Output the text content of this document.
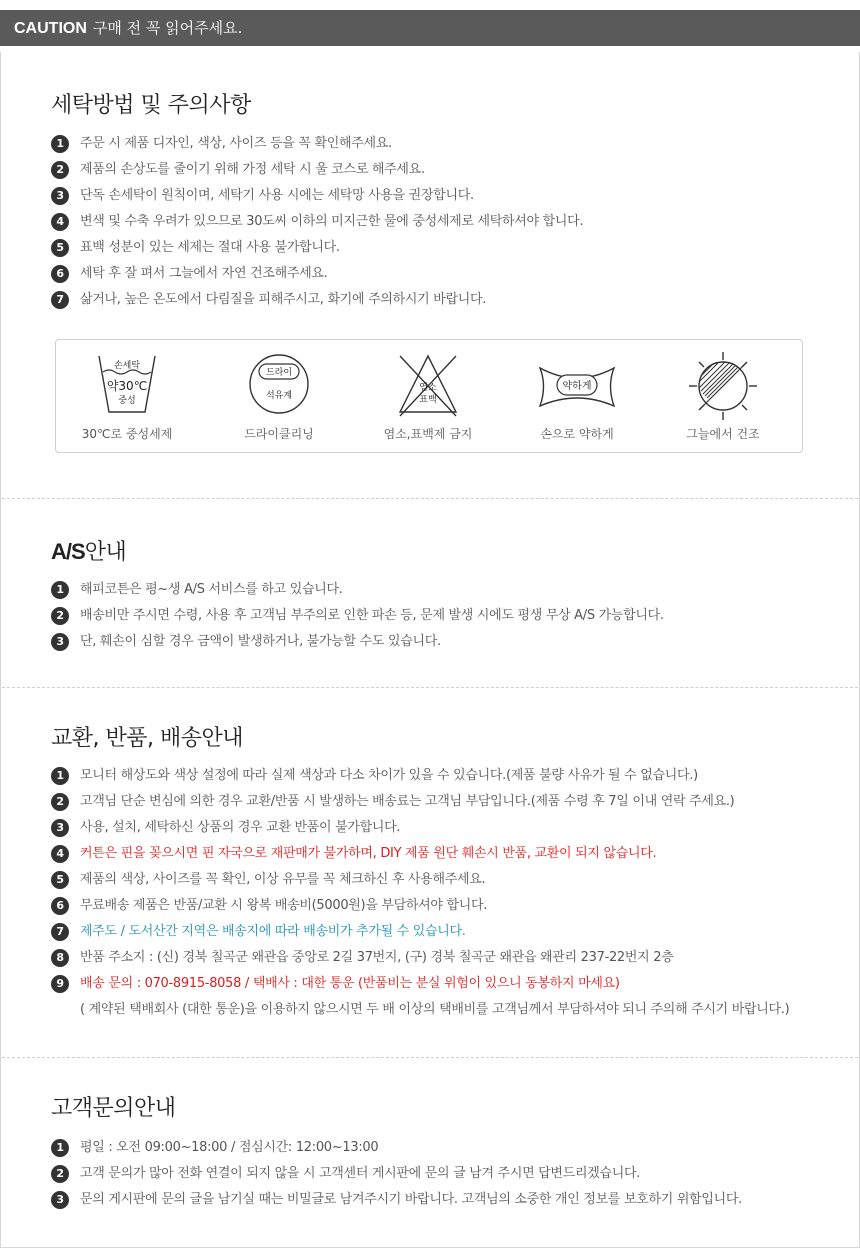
CAUTION 구매 전 꼭 읽어주세요.
세탁방법 및 주의사항
1	주문 시 제품 디자인, 색상, 사이즈 등을 꼭 확인해주세요.
2	제품의 손상도를 줄이기 위해 가정 세탁 시 울 코스로 해주세요.
3	단독 손세탁이 원칙이며, 세탁기 사용 시에는 세탁망 사용을 권장합니다.
4	변색 및 수축 우려가 있으므로 30도씨 이하의 미지근한 물에 중성세제로 세탁하셔야 합니다.
5	표백 성분이 있는 세제는 절대 사용 불가합니다.
6	세탁 후 잘 펴서 그늘에서 자연 건조해주세요.
7	삶거나, 높은 온도에서 다림질을 피해주시고, 화기에 주의하시기 바랍니다.
손세탁
약30℃
중성
30℃로 중성세제
드라이
석유계
드라이클리닝
염소
표백
염소,표백제 금지
약하게
손으로 약하게	그늘에서 건조
A/S안내
1	해피코튼은 평~생 A/S 서비스를 하고 있습니다.
2	배송비만 주시면 수령, 사용 후 고객님 부주의로 인한 파손 등, 문제 발생 시에도 평생 무상 A/S 가능합니다.
3	단, 훼손이 심할 경우 금액이 발생하거나, 불가능할 수도 있습니다.
교환, 반품, 배송안내
1	모니터 해상도와 색상 설정에 따라 실제 색상과 다소 차이가 있을 수 있습니다.(제품 불량 사유가 될 수 없습니다.)
2	고객님 단순 변심에 의한 경우 교환/반품 시 발생하는 배송료는 고객님 부담입니다.(제품 수령 후 7일 이내 연락 주세요.)
3	사용, 설치, 세탁하신 상품의 경우 교환 반품이 불가합니다.
4	커튼은 핀을 꽂으시면 핀 자국으로 재판매가 불가하며, DIY 제품 원단 훼손시 반품, 교환이 되지 않습니다.
5	제품의 색상, 사이즈를 꼭 확인, 이상 유무를 꼭 체크하신 후 사용해주세요.
6	무료배송 제품은 반품/교환 시 왕복 배송비(5000원)을 부담하셔야 합니다.
7	제주도 / 도서산간 지역은 배송지에 따라 배송비가 추가될 수 있습니다.
8	반품 주소지 : (신) 경북 칠곡군 왜관읍 중앙로 2길 37번지, (구) 경북 칠곡군 왜관읍 왜관리 237-22번지 2층
9	배송 문의 : 070-8915-8058 / 택배사 : 대한 통운 (반품비는 분실 위험이 있으니 동봉하지 마세요)
( 계약된 택배회사 (대한 통운)을 이용하지 않으시면 두 배 이상의 택배비를 고객님께서 부담하셔야 되니 주의해 주시기 바랍니다.)
고객문의안내
1	평일 : 오전 09:00~18:00 / 점심시간: 12:00~13:00
2	고객 문의가 많아 전화 연결이 되지 않을 시 고객센터 게시판에 문의 글 남겨 주시면 답변드리겠습니다.
3	문의 게시판에 문의 글을 남기실 때는 비밀글로 남겨주시기 바랍니다. 고객님의 소중한 개인 정보를 보호하기 위함입니다.
